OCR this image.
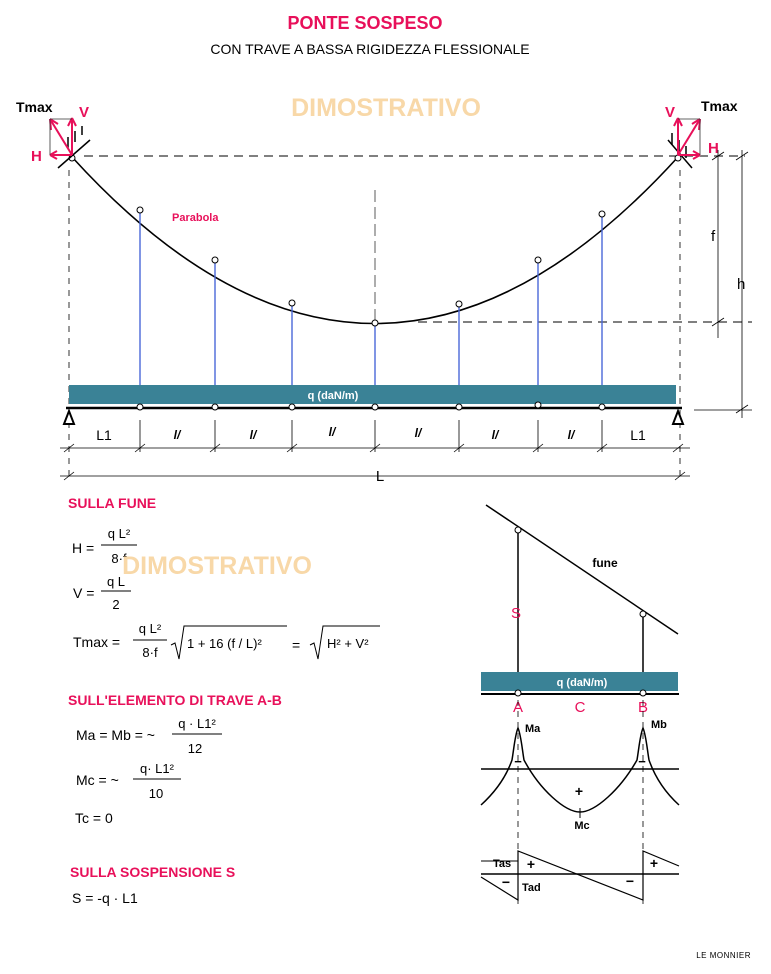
PONTE SOSPESO
CON TRAVE A BASSA RIGIDEZZA FLESSIONALE
DIMOSTRATIVO
q (daN/m)
Tmax V
H
Tmax
V
H
Parabola
f
h
L1	l/	l/	l/	l/	l/	l/	L1
L
SULLA FUNE
H =
q L²
8·f
DIMOSTRATIVO
V =
q L
2
Tmax =
q L²
8·f
1 + 16 (f / L)² = H² + V²
SULL'ELEMENTO DI TRAVE A-B
Ma = Mb = ~
q · L1²
12
Mc = ~
q· L1²
10
Tc = 0
SULLA SOSPENSIONE S
S = -q · L1
fune
S
q (daN/m)
A	C	B
Ma	Mb
−	−
+
Mc
Tas
Tad
+	+
−	−
LE MONNIER
